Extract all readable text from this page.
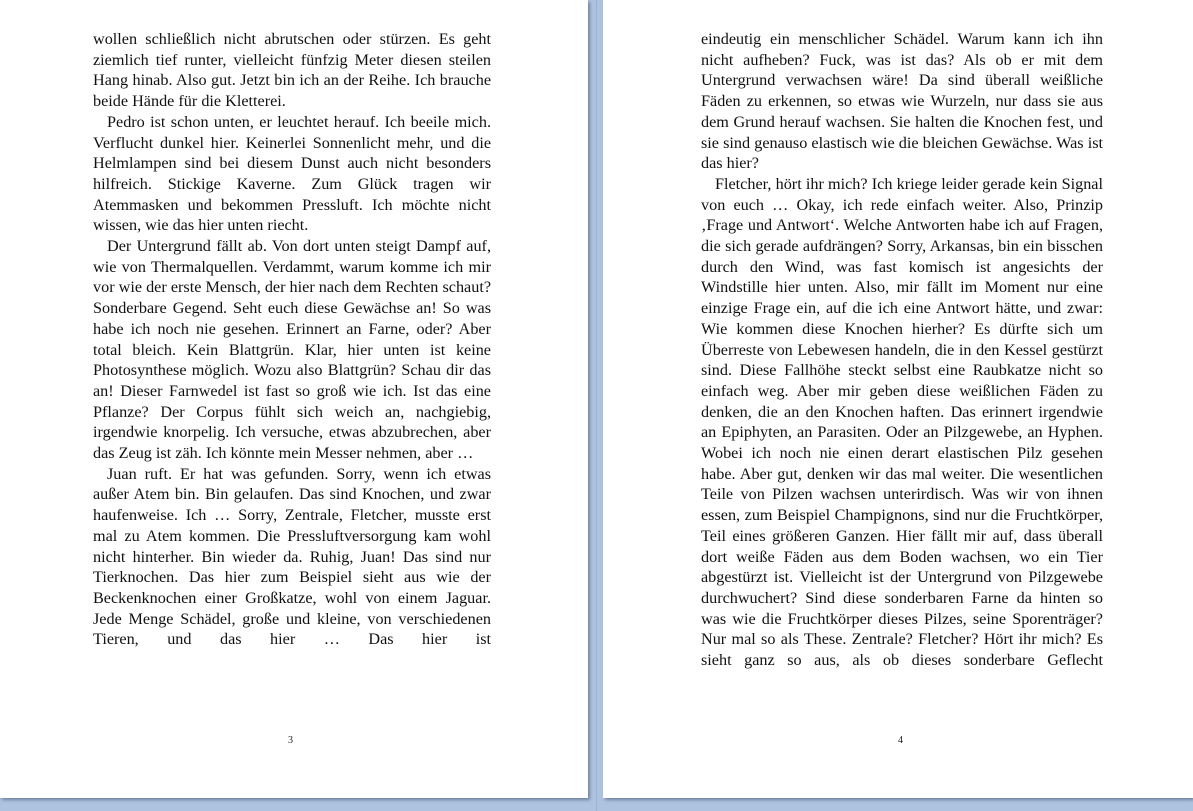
wollen schließlich nicht abrutschen oder stürzen. Es geht ziemlich tief runter, vielleicht fünfzig Meter diesen steilen Hang hinab. Also gut. Jetzt bin ich an der Reihe. Ich brauche beide Hände für die Kletterei.

Pedro ist schon unten, er leuchtet herauf. Ich beeile mich. Verflucht dunkel hier. Keinerlei Sonnenlicht mehr, und die Helmlampen sind bei diesem Dunst auch nicht besonders hilfreich. Stickige Kaverne. Zum Glück tragen wir Atemmasken und bekommen Pressluft. Ich möchte nicht wissen, wie das hier unten riecht.

Der Untergrund fällt ab. Von dort unten steigt Dampf auf, wie von Thermalquellen. Verdammt, warum komme ich mir vor wie der erste Mensch, der hier nach dem Rechten schaut? Sonderbare Gegend. Seht euch diese Gewächse an! So was habe ich noch nie gesehen. Erinnert an Farne, oder? Aber total bleich. Kein Blattgrün. Klar, hier unten ist keine Photosynthese möglich. Wozu also Blattgrün? Schau dir das an! Dieser Farnwedel ist fast so groß wie ich. Ist das eine Pflanze? Der Corpus fühlt sich weich an, nachgiebig, irgendwie knorpelig. Ich versuche, etwas abzubrechen, aber das Zeug ist zäh. Ich könnte mein Messer nehmen, aber …

Juan ruft. Er hat was gefunden. Sorry, wenn ich etwas außer Atem bin. Bin gelaufen. Das sind Knochen, und zwar haufenweise. Ich … Sorry, Zentrale, Fletcher, musste erst mal zu Atem kommen. Die Pressluftversorgung kam wohl nicht hinterher. Bin wieder da. Ruhig, Juan! Das sind nur Tierknochen. Das hier zum Beispiel sieht aus wie der Beckenknochen einer Großkatze, wohl von einem Jaguar. Jede Menge Schädel, große und kleine, von verschiedenen Tieren, und das hier … Das hier ist

3

eindeutig ein menschlicher Schädel. Warum kann ich ihn nicht aufheben? Fuck, was ist das? Als ob er mit dem Untergrund verwachsen wäre! Da sind überall weißliche Fäden zu erkennen, so etwas wie Wurzeln, nur dass sie aus dem Grund herauf wachsen. Sie halten die Knochen fest, und sie sind genauso elastisch wie die bleichen Gewächse. Was ist das hier?

Fletcher, hört ihr mich? Ich kriege leider gerade kein Signal von euch … Okay, ich rede einfach weiter. Also, Prinzip ‚Frage und Antwort‘. Welche Antworten habe ich auf Fragen, die sich gerade aufdrängen? Sorry, Arkansas, bin ein bisschen durch den Wind, was fast komisch ist angesichts der Windstille hier unten. Also, mir fällt im Moment nur eine einzige Frage ein, auf die ich eine Antwort hätte, und zwar: Wie kommen diese Knochen hierher? Es dürfte sich um Überreste von Lebewesen handeln, die in den Kessel gestürzt sind. Diese Fallhöhe steckt selbst eine Raubkatze nicht so einfach weg. Aber mir geben diese weißlichen Fäden zu denken, die an den Knochen haften. Das erinnert irgendwie an Epiphyten, an Parasiten. Oder an Pilzgewebe, an Hyphen. Wobei ich noch nie einen derart elastischen Pilz gesehen habe. Aber gut, denken wir das mal weiter. Die wesentlichen Teile von Pilzen wachsen unterirdisch. Was wir von ihnen essen, zum Beispiel Champignons, sind nur die Fruchtkörper, Teil eines größeren Ganzen. Hier fällt mir auf, dass überall dort weiße Fäden aus dem Boden wachsen, wo ein Tier abgestürzt ist. Vielleicht ist der Untergrund von Pilzgewebe durchwuchert? Sind diese sonderbaren Farne da hinten so was wie die Fruchtkörper dieses Pilzes, seine Sporenträger? Nur mal so als These. Zentrale? Fletcher? Hört ihr mich? Es sieht ganz so aus, als ob dieses sonderbare Geflecht

4
